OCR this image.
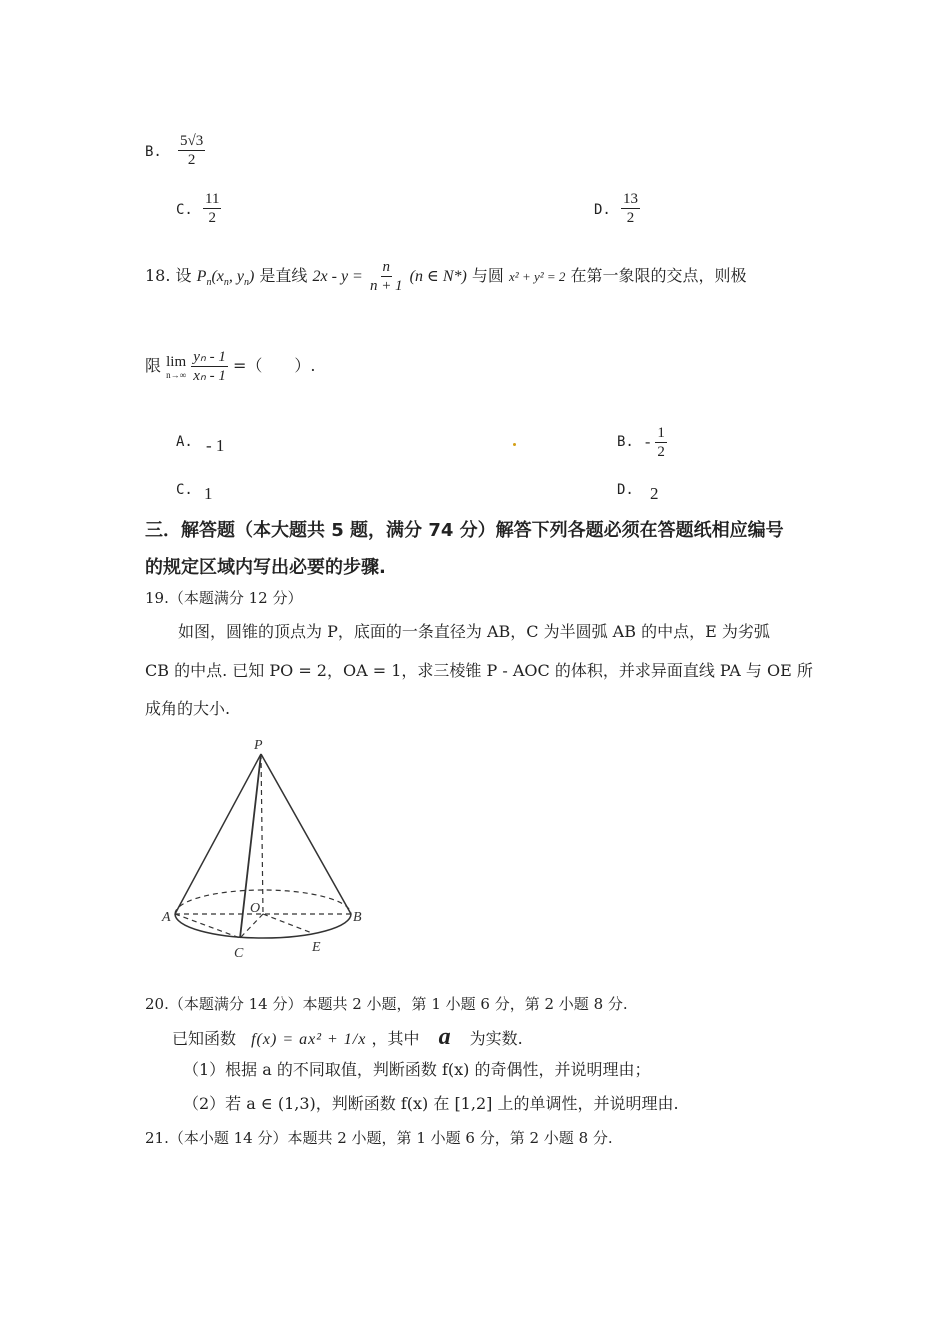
B. $\frac{5√3}{2}$
C. $\frac{11}{2}$	D. $\frac{13}{2}$
18. 设 $P_n(x_n$, $y_n$) 是直线 $2x - y = \frac{n}{n + 1} (n$ ∈ N*) 与圆 x² + y² = 2 在第一象限的交点，则极
限 lim
n→∞
$\frac{\text{yₙ - 1}}{\text{xₙ - 1}}$ =（　　）.
A. - 1	B. - $\frac{1}{2}$
C. 1	D. 2
三．解答题（本大题共 5 题，满分 74 分）解答下列各题必须在答题纸相应编号
的规定区域内写出必要的步骤.
19.（本题满分 12 分）
如图，圆锥的顶点为 P，底面的一条直径为 AB，C 为半圆弧 AB 的中点，E 为劣弧
CB 的中点. 已知 PO = 2，OA = 1，求三棱锥 P - AOC 的体积，并求异面直线 PA 与 OE 所
成角的大小.
P
A	B
O
C	E
20.（本题满分 14 分）本题共 2 小题，第 1 小题 6 分，第 2 小题 8 分.
已知函数 f(x) = ax² + 1/x ，其中 a 为实数.
（1）根据 a 的不同取值，判断函数 f(x) 的奇偶性，并说明理由；
（2）若 a ∈ (1,3)，判断函数 f(x) 在 [1,2] 上的单调性，并说明理由.
21.（本小题 14 分）本题共 2 小题，第 1 小题 6 分，第 2 小题 8 分.
